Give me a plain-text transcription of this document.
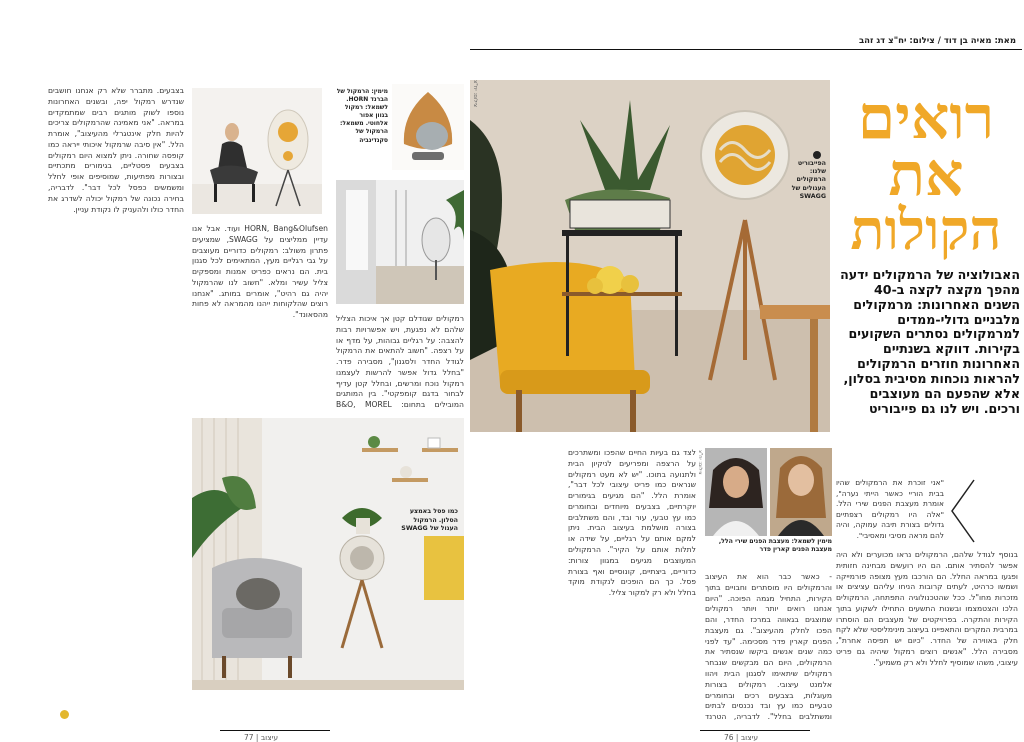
מאת: מאיה בן דוד / צילום: יח"צ דג זהב
רואים
את
הקולות
האבולוציה של הרמקולים ידעה מהפך מקצה לקצה ב-40 השנים האחרונות: מרמקולים מלבניים גדולי-ממדים למרמקולים נסתרים השקועים בקירות. דווקא בשנתיים האחרונות חוזרים הרמקולים להראות נוכחות מסיבית בסלון, אלא שהפעם הם מעוצבים ורכים. ויש לנו גם פייבוריט
הפייבוריט שלנו: הרמקולים העגולים של SWAGG
צילום: יח"צ
צילום: יח"צ
מימין לשמאל: מעצבת הפנים שירי הלל, מעצבת הפנים קארין פדר
"אני זוכרת את הרמקולים שהיו בבית הוריי כאשר הייתי נערה", אומרת מעצבת הפנים שירי הלל. "אלה היו רמקולים רצפתיים גדולים בצורת תיבה עמוקה, והיה להם מראה מסיבי ומאסיבי".
בנוסף לגודל שלהם, הרמקולים נראו מכוערים ולא היה אפשר להסתיר אותם. הם היו רועשים מבחינה חזותית ופגעו במראה החלל. הם הורכבו מעץ מצופה פורמייקה ושמשו כרהיט, לעתים קרובות הניחו עליהם עציצים או מזכרות מחו"ל. ככל שהטכנולוגיה התפתחה, הרמקולים הלכו והצטמצמו ובשנות התשעים התחילו לשקוע בתוך הקירות והתקרה. בפרויקטים של מעצבים הם הוסתרו במרבית המקרים והתאפיינו בעיצוב מינימליסטי שלא לקח חלק באווירה של החדר. "כיום יש תפיסה אחרת", מסבירה הלל. "אנשים רוצים רמקול שיהיה גם פריט עיצובי, משהו שמוסיף לחלל ולא רק משמיע".
- כאשר כבר הוא את העיצוב והרמקולים היו מוסתרים וחבויים בתוך הקירות, התחיל מגמה הפוכה. "היום אנחנו רואים יותר ויותר רמקולים שמוצגים בגאווה במרכז החדר, והם הפכו לחלק מהעיצוב". גם מעצבת הפנים קארין פדר מסכימה. "עד לפני כמה שנים אנשים ביקשו שנסתיר את הרמקולים, היום הם מבקשים שנבחר רמקולים שיתאימו לסגנון הבית ויהוו אלמנט עיצובי. רמקולים בצורות מעוגלות, בצבעים רכים ובחומרים טבעיים כמו עץ ובד נכנסים לבתים ומשתלבים בחלל". לדבריה, הטרנד
לצד גם בעיות החיים שהפכו ומשתרכים על הרצפה ומפריעים לניקיון הבית ולתנועה בתוכו. "יש לא מעט רמקולים שנראים כמו פריט עיצובי לכל דבר", אומרת הלל. "הם מגיעים בגימורים יוקרתיים, בצבעים מיוחדים ובחומרים כמו עץ טבעי, עור ובד, והם משתלבים בצורה מושלמת בעיצוב הבית. ניתן למקם אותם על רגליים, על שידה או לתלות אותם על הקיר". הרמקולים המעוצבים מגיעים במגוון צורות: כדוריים, ביצתיים, קונוסיים ואף בצורת פסל. כך הם הופכים לנקודת מוקד בחלל ולא רק למקור צליל.
עיצוב | 76
מימין: הרמקול של הברנד HORN. לשמאל: רמקול בגוון אפור אלחוטי. משמאל: הרמקול של סקנדינביה
כמו פסל באמצע הסלון. הרמקול העגול של SWAGG
בצבעים. מתברר שלא רק אנחנו חושבים שנדרש רמקול יפה, ובשנים האחרונות נוספו לשוק מותגים רבים שמתמקדים במראה. "אני מאמינה שהרמקולים צריכים להיות חלק אינטגרלי מהעיצוב", אומרת הלל. "אין סיבה שרמקול איכותי ייראה כמו קופסה שחורה. ניתן למצוא היום רמקולים בצבעים פסטליים, בגימורים מתכתיים ובצורות מפתיעות, שמוסיפים אופי לחלל ומשמשים כפסל לכל דבר". לדבריה, בחירה נכונה של רמקול יכולה לשדרג את החדר כולו ולהעניק לו נקודת עניין.
רמקולים שגודלם קטן אך איכות הצליל שלהם לא נפגעת, ויש אפשרויות רבות להצבה: על רגליים גבוהות, על מדף או על רצפה. "חשוב להתאים את הרמקול לגודל החדר ולסגנון", מסבירה פדר. "בחלל גדול אפשר להרשות לעצמנו רמקול נוכח ומרשים, ובחלל קטן עדיף לבחור בדגם קומפקטי". בין המותגים המובילים בתחום: B&O, MOREL
HORN, Bang&Olufsen ועוד. אבל אנו עדיין ממליצים על SWAGG, שמציעים פתרון משולב: רמקולים כדוריים מעוצבים על גבי רגליים מעץ, המתאימים לכל סגנון בית. הם נראים כפריט אמנות ומספקים צליל עשיר ומלא. "חשוב לנו שהרמקול יהיה גם רהיט", אומרים במותג. "אנחנו רוצים שהלקוחות ייהנו מהמראה לא פחות מהסאונד".
77 | עיצוב
